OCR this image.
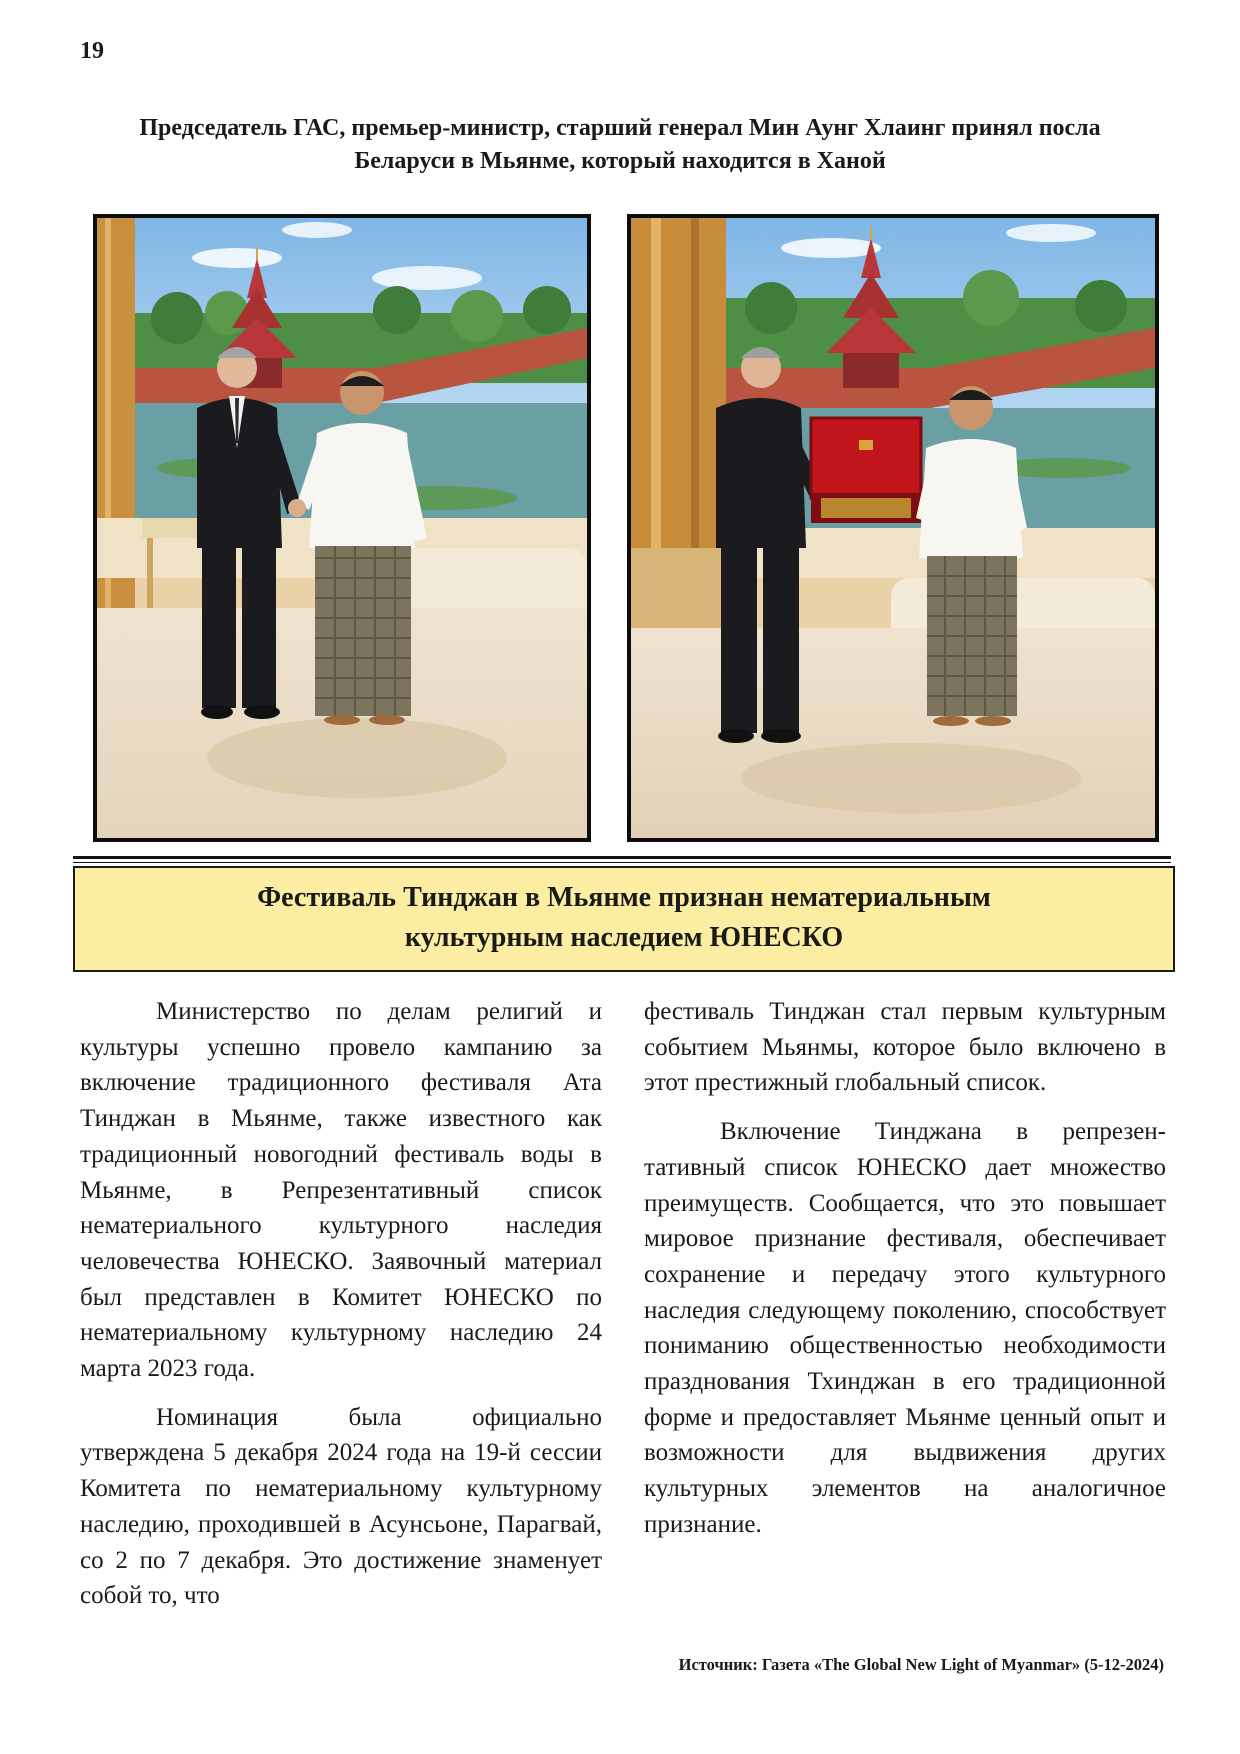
19
Председатель ГАС, премьер-министр, старший генерал Мин Аунг Хлаинг принял посла
Беларуси в Мьянме, который находится в Ханой
Фестиваль Тинджан в Мьянме признан нематериальным
культурным наследием ЮНЕСКО

Министерство по делам религий и культуры успешно провело кампанию за включение традиционного фестиваля Ата Тинджан в Мьянме, также известного как традиционный новогодний фестиваль воды в Мьянме, в Репрезентативный список нематериального культурного наследия человечества ЮНЕСКО. Заявочный материал был представлен в Комитет ЮНЕСКО по нематериальному культурному наследию 24 марта 2023 года.

Номинация была официально утверждена 5 декабря 2024 года на 19-й сессии Комитета по нематериальному культурному наследию, проходившей в Асунсьоне, Парагвай, со 2 по 7 декабря. Это достижение знаменует собой то, что

фестиваль Тинджан стал первым культурным событием Мьянмы, которое было включено в этот престижный глобальный список.

Включение Тинджана в репрезентативный список ЮНЕСКО дает множество преимуществ. Сообщается, что это повышает мировое признание фестиваля, обеспечивает сохранение и передачу этого культурного наследия следующему поколению, способствует пониманию общественностью необходимости празднования Тхинджан в его традиционной форме и предоставляет Мьянме ценный опыт и возможности для выдвижения других культурных элементов на аналогичное признание.

Источник: Газета «The Global New Light of Myanmar» (5-12-2024)
